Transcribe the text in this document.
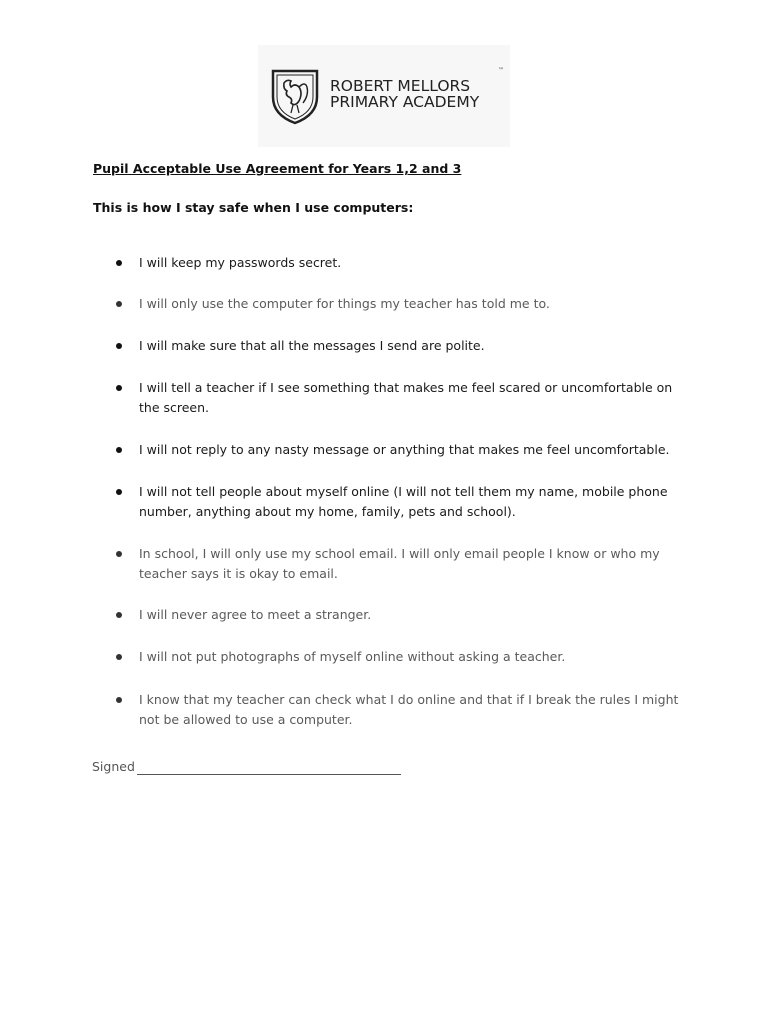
ROBERT MELLORS
PRIMARY ACADEMY
™
Pupil Acceptable Use Agreement for Years 1,2 and 3
This is how I stay safe when I use computers:
I will keep my passwords secret.
I will only use the computer for things my teacher has told me to.
I will make sure that all the messages I send are polite.
I will tell a teacher if I see something that makes me feel scared or uncomfortable on the screen.
I will not reply to any nasty message or anything that makes me feel uncomfortable.
I will not tell people about myself online (I will not tell them my name, mobile phone number, anything about my home, family, pets and school).
In school, I will only use my school email. I will only email people I know or who my teacher says it is okay to email.
I will never agree to meet a stranger.
I will not put photographs of myself online without asking a teacher.
I know that my teacher can check what I do online and that if I break the rules I might not be allowed to use a computer.
Signed
